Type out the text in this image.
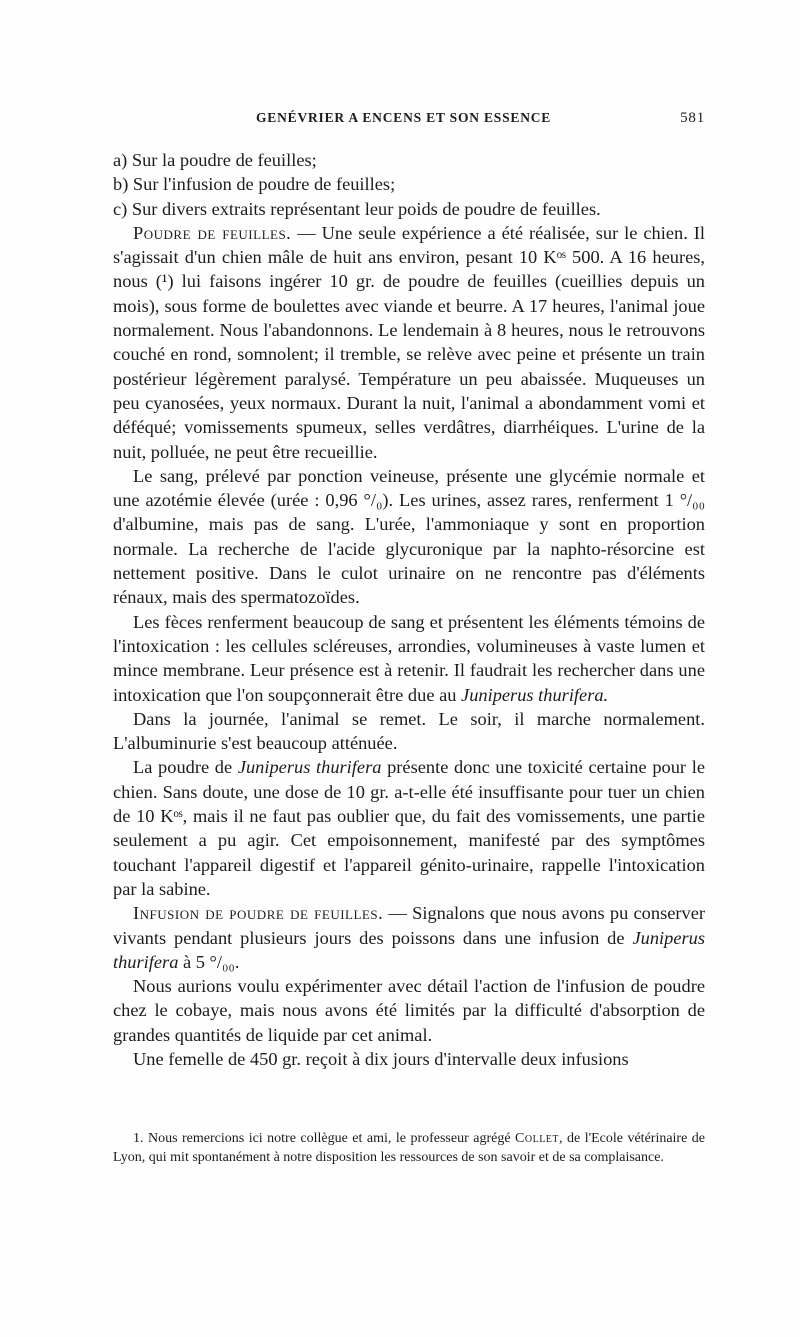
GENÉVRIER A ENCENS ET SON ESSENCE	581

a) Sur la poudre de feuilles;

b) Sur l'infusion de poudre de feuilles;

c) Sur divers extraits représentant leur poids de poudre de feuilles.

Poudre de feuilles. — Une seule expérience a été réalisée, sur le chien. Il s'agissait d'un chien mâle de huit ans environ, pesant 10 Kᵒˢ 500. A 16 heures, nous (¹) lui faisons ingérer 10 gr. de poudre de feuilles (cueillies depuis un mois), sous forme de boulettes avec viande et beurre. A 17 heures, l'animal joue normalement. Nous l'abandonnons. Le lendemain à 8 heures, nous le retrouvons couché en rond, somnolent; il tremble, se relève avec peine et présente un train postérieur légèrement paralysé. Température un peu abaissée. Muqueuses un peu cyanosées, yeux normaux. Durant la nuit, l'animal a abondamment vomi et déféqué; vomissements spumeux, selles verdâtres, diarrhéiques. L'urine de la nuit, polluée, ne peut être recueillie.

Le sang, prélevé par ponction veineuse, présente une glycémie normale et une azotémie élevée (urée : 0,96 °/₀). Les urines, assez rares, renferment 1 °/₀₀ d'albumine, mais pas de sang. L'urée, l'ammoniaque y sont en proportion normale. La recherche de l'acide glycuronique par la naphto-résorcine est nettement positive. Dans le culot urinaire on ne rencontre pas d'éléments rénaux, mais des spermatozoïdes.

Les fèces renferment beaucoup de sang et présentent les éléments témoins de l'intoxication : les cellules scléreuses, arrondies, volumineuses à vaste lumen et mince membrane. Leur présence est à retenir. Il faudrait les rechercher dans une intoxication que l'on soupçonnerait être due au Juniperus thurifera.

Dans la journée, l'animal se remet. Le soir, il marche normalement. L'albuminurie s'est beaucoup atténuée.

La poudre de Juniperus thurifera présente donc une toxicité certaine pour le chien. Sans doute, une dose de 10 gr. a-t-elle été insuffisante pour tuer un chien de 10 Kᵒˢ, mais il ne faut pas oublier que, du fait des vomissements, une partie seulement a pu agir. Cet empoisonnement, manifesté par des symptômes touchant l'appareil digestif et l'appareil génito-urinaire, rappelle l'intoxication par la sabine.

Infusion de poudre de feuilles. — Signalons que nous avons pu conserver vivants pendant plusieurs jours des poissons dans une infusion de Juniperus thurifera à 5 °/₀₀.

Nous aurions voulu expérimenter avec détail l'action de l'infusion de poudre chez le cobaye, mais nous avons été limités par la difficulté d'absorption de grandes quantités de liquide par cet animal.

Une femelle de 450 gr. reçoit à dix jours d'intervalle deux infusions

1. Nous remercions ici notre collègue et ami, le professeur agrégé Collet, de l'Ecole vétérinaire de Lyon, qui mit spontanément à notre disposition les ressources de son savoir et de sa complaisance.
